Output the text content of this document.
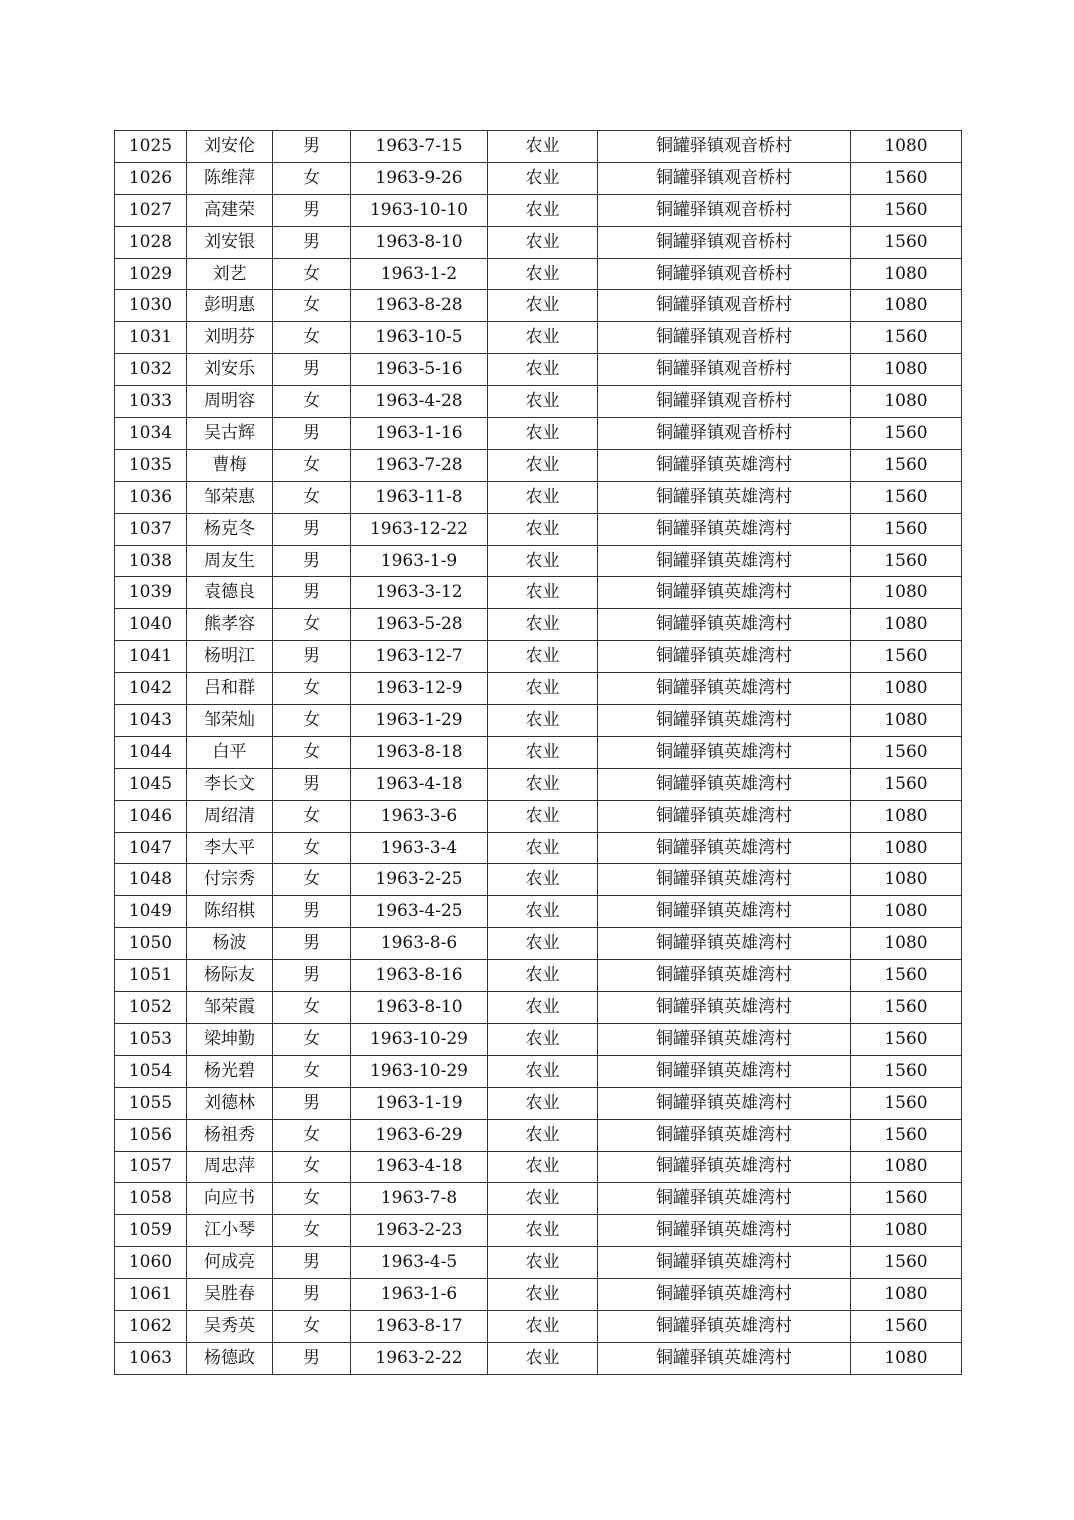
1025	刘安伦	男	1963-7-15	农业	铜罐驿镇观音桥村	1080
1026	陈维萍	女	1963-9-26	农业	铜罐驿镇观音桥村	1560
1027	高建荣	男	1963-10-10	农业	铜罐驿镇观音桥村	1560
1028	刘安银	男	1963-8-10	农业	铜罐驿镇观音桥村	1560
1029	刘艺	女	1963-1-2	农业	铜罐驿镇观音桥村	1080
1030	彭明惠	女	1963-8-28	农业	铜罐驿镇观音桥村	1080
1031	刘明芬	女	1963-10-5	农业	铜罐驿镇观音桥村	1560
1032	刘安乐	男	1963-5-16	农业	铜罐驿镇观音桥村	1080
1033	周明容	女	1963-4-28	农业	铜罐驿镇观音桥村	1080
1034	吴古辉	男	1963-1-16	农业	铜罐驿镇观音桥村	1560
1035	曹梅	女	1963-7-28	农业	铜罐驿镇英雄湾村	1560
1036	邹荣惠	女	1963-11-8	农业	铜罐驿镇英雄湾村	1560
1037	杨克冬	男	1963-12-22	农业	铜罐驿镇英雄湾村	1560
1038	周友生	男	1963-1-9	农业	铜罐驿镇英雄湾村	1560
1039	袁德良	男	1963-3-12	农业	铜罐驿镇英雄湾村	1080
1040	熊孝容	女	1963-5-28	农业	铜罐驿镇英雄湾村	1080
1041	杨明江	男	1963-12-7	农业	铜罐驿镇英雄湾村	1560
1042	吕和群	女	1963-12-9	农业	铜罐驿镇英雄湾村	1080
1043	邹荣灿	女	1963-1-29	农业	铜罐驿镇英雄湾村	1080
1044	白平	女	1963-8-18	农业	铜罐驿镇英雄湾村	1560
1045	李长文	男	1963-4-18	农业	铜罐驿镇英雄湾村	1560
1046	周绍清	女	1963-3-6	农业	铜罐驿镇英雄湾村	1080
1047	李大平	女	1963-3-4	农业	铜罐驿镇英雄湾村	1080
1048	付宗秀	女	1963-2-25	农业	铜罐驿镇英雄湾村	1080
1049	陈绍棋	男	1963-4-25	农业	铜罐驿镇英雄湾村	1080
1050	杨波	男	1963-8-6	农业	铜罐驿镇英雄湾村	1080
1051	杨际友	男	1963-8-16	农业	铜罐驿镇英雄湾村	1560
1052	邹荣霞	女	1963-8-10	农业	铜罐驿镇英雄湾村	1560
1053	梁坤勤	女	1963-10-29	农业	铜罐驿镇英雄湾村	1560
1054	杨光碧	女	1963-10-29	农业	铜罐驿镇英雄湾村	1560
1055	刘德林	男	1963-1-19	农业	铜罐驿镇英雄湾村	1560
1056	杨祖秀	女	1963-6-29	农业	铜罐驿镇英雄湾村	1560
1057	周忠萍	女	1963-4-18	农业	铜罐驿镇英雄湾村	1080
1058	向应书	女	1963-7-8	农业	铜罐驿镇英雄湾村	1560
1059	江小琴	女	1963-2-23	农业	铜罐驿镇英雄湾村	1080
1060	何成亮	男	1963-4-5	农业	铜罐驿镇英雄湾村	1560
1061	吴胜春	男	1963-1-6	农业	铜罐驿镇英雄湾村	1080
1062	吴秀英	女	1963-8-17	农业	铜罐驿镇英雄湾村	1560
1063	杨德政	男	1963-2-22	农业	铜罐驿镇英雄湾村	1080
